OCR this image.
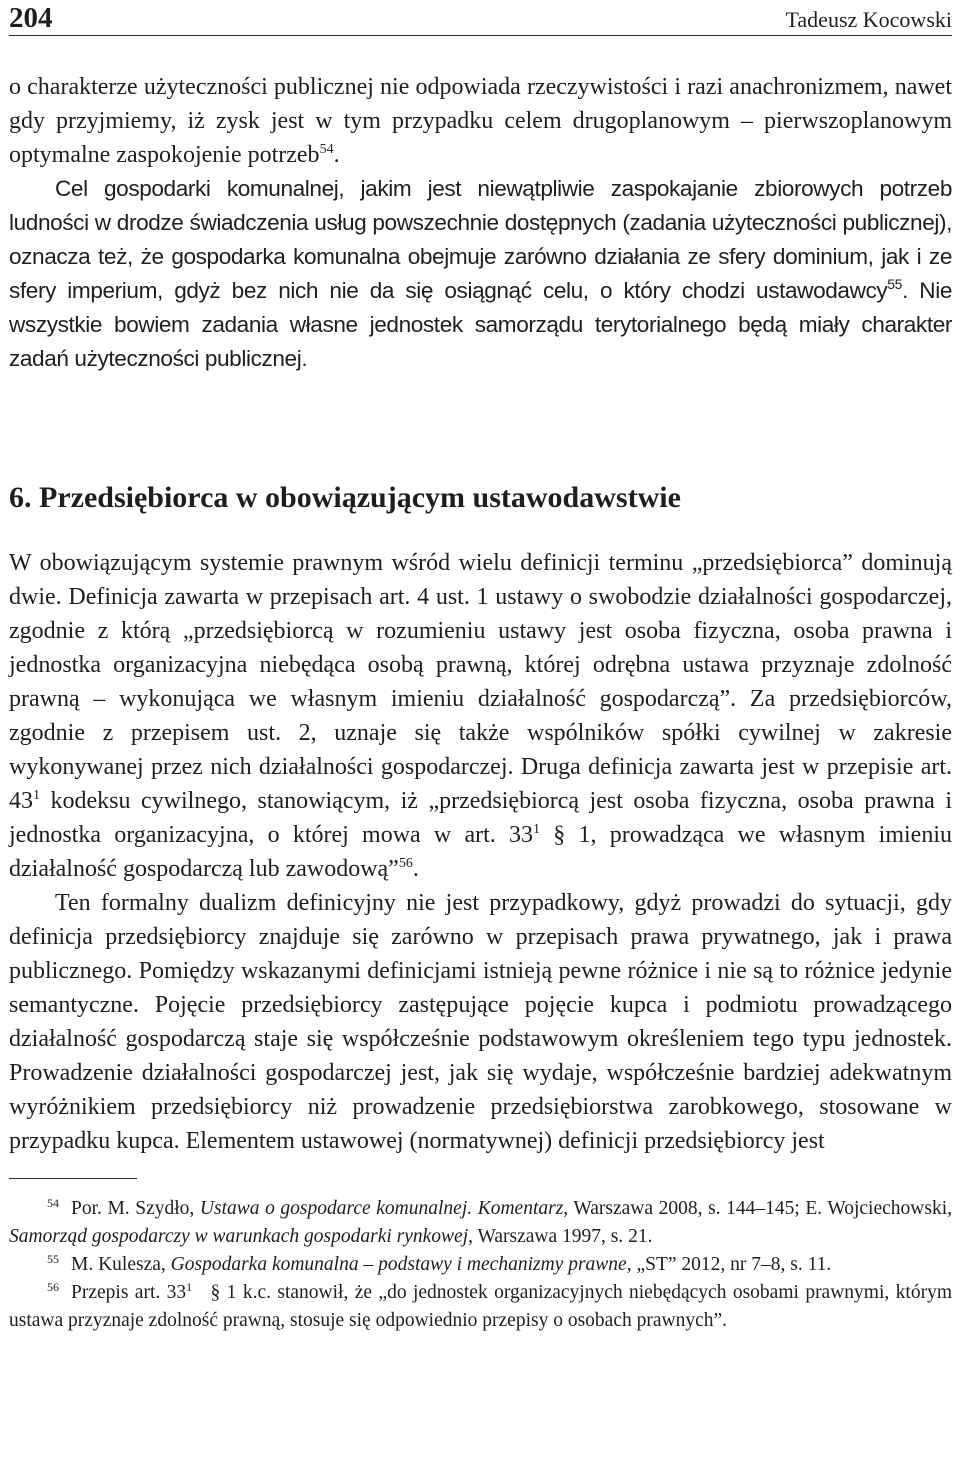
204	Tadeusz Kocowski

o charakterze użyteczności publicznej nie odpowiada rzeczywistości i razi anachronizmem, nawet gdy przyjmiemy, iż zysk jest w tym przypadku celem drugoplanowym – pierwszoplanowym optymalne zaspokojenie potrzeb$^{54}$.

Cel gospodarki komunalnej, jakim jest niewątpliwie zaspokajanie zbiorowych potrzeb ludności w drodze świadczenia usług powszechnie dostępnych (zadania użyteczności publicznej), oznacza też, że gospodarka komunalna obejmuje zarówno działania ze sfery dominium, jak i ze sfery imperium, gdyż bez nich nie da się osiągnąć celu, o który chodzi ustawodawcy$^{55}$. Nie wszystkie bowiem zadania własne jednostek samorządu terytorialnego będą miały charakter zadań użyteczności publicznej.

6. Przedsiębiorca w obowiązującym ustawodawstwie

W obowiązującym systemie prawnym wśród wielu definicji terminu „przedsiębiorca” dominują dwie. Definicja zawarta w przepisach art. 4 ust. 1 ustawy o swobodzie działalności gospodarczej, zgodnie z którą „przedsiębiorcą w rozumieniu ustawy jest osoba fizyczna, osoba prawna i jednostka organizacyjna niebędąca osobą prawną, której odrębna ustawa przyznaje zdolność prawną – wykonująca we własnym imieniu działalność gospodarczą”. Za przedsiębiorców, zgodnie z przepisem ust. 2, uznaje się także wspólników spółki cywilnej w zakresie wykonywanej przez nich działalności gospodarczej. Druga definicja zawarta jest w przepisie art. $43^1$ kodeksu cywilnego, stanowiącym, iż „przedsiębiorcą jest osoba fizyczna, osoba prawna i jednostka organizacyjna, o której mowa w art. $33^1$ § 1, prowadząca we własnym imieniu działalność gospodarczą lub zawodową”$^{56}$.

Ten formalny dualizm definicyjny nie jest przypadkowy, gdyż prowadzi do sytuacji, gdy definicja przedsiębiorcy znajduje się zarówno w przepisach prawa prywatnego, jak i prawa publicznego. Pomiędzy wskazanymi definicjami istnieją pewne różnice i nie są to różnice jedynie semantyczne. Pojęcie przedsiębiorcy zastępujące pojęcie kupca i podmiotu prowadzącego działalność gospodarczą staje się współcześnie podstawowym określeniem tego typu jednostek. Prowadzenie działalności gospodarczej jest, jak się wydaje, współcześnie bardziej adekwatnym wyróżnikiem przedsiębiorcy niż prowadzenie przedsiębiorstwa zarobkowego, stosowane w przypadku kupca. Elementem ustawowej (normatywnej) definicji przedsiębiorcy jest

$^{54}$ Por. M. Szydło, Ustawa o gospodarce komunalnej. Komentarz, Warszawa 2008, s. 144–145; E. Wojciechowski, Samorząd gospodarczy w warunkach gospodarki rynkowej, Warszawa 1997, s. 21.

$^{55}$ M. Kulesza, Gospodarka komunalna – podstawy i mechanizmy prawne, „ST” 2012, nr 7–8, s. 11.

$^{56}$ Przepis art. $33^1$ § 1 k.c. stanowił, że „do jednostek organizacyjnych niebędących osobami prawnymi, którym ustawa przyznaje zdolność prawną, stosuje się odpowiednio przepisy o osobach prawnych”.
